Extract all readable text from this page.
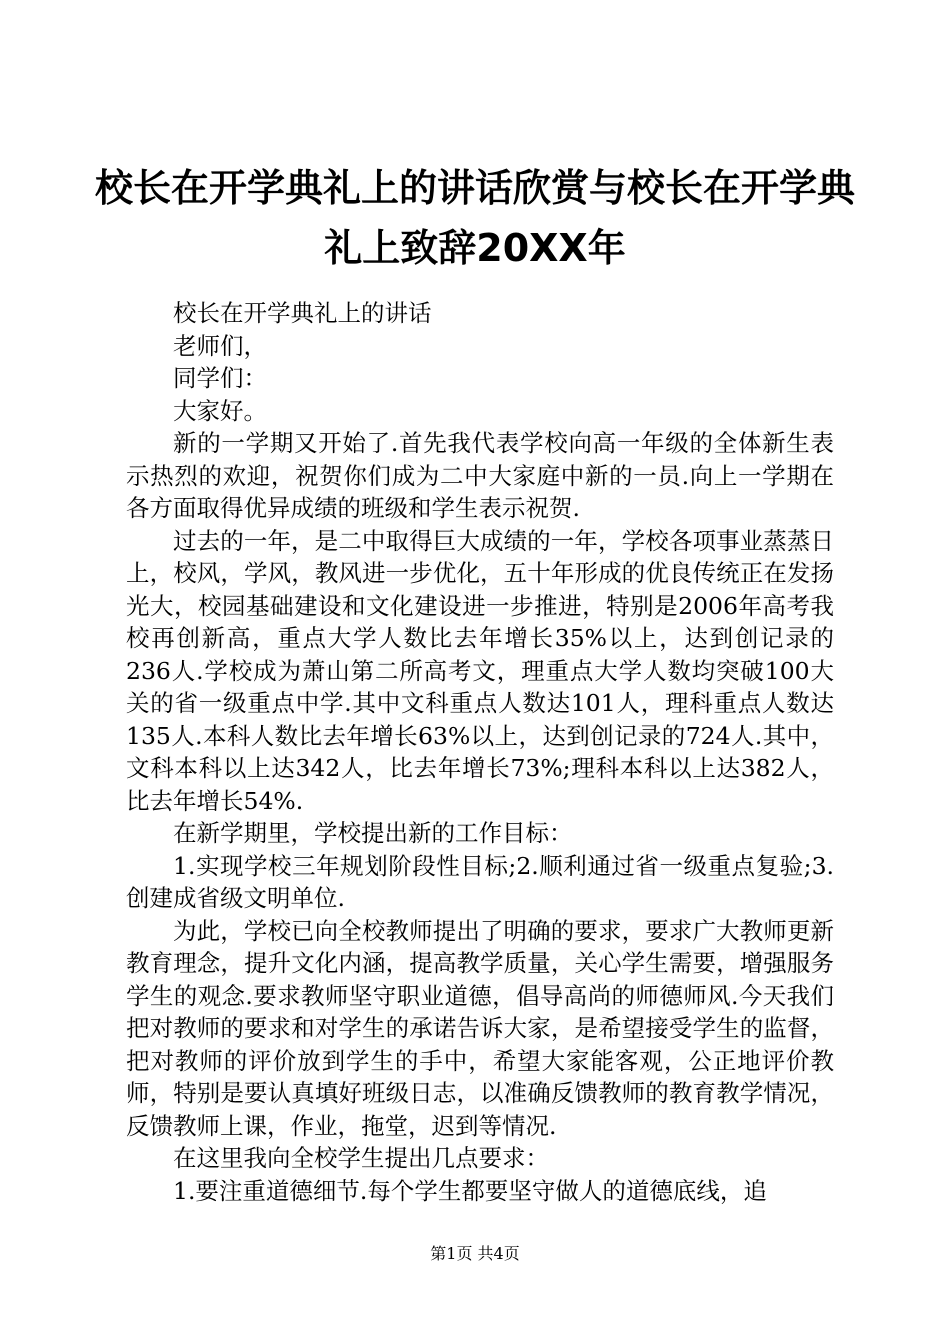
校长在开学典礼上的讲话欣赏与校长在开学典
礼上致辞20XX年

校长在开学典礼上的讲话

老师们，

同学们：

大家好。

新的一学期又开始了.首先我代表学校向高一年级的全体新生表示热烈的欢迎，祝贺你们成为二中大家庭中新的一员.向上一学期在各方面取得优异成绩的班级和学生表示祝贺.

过去的一年，是二中取得巨大成绩的一年，学校各项事业蒸蒸日上，校风，学风，教风进一步优化，五十年形成的优良传统正在发扬光大，校园基础建设和文化建设进一步推进，特别是2006年高考我校再创新高，重点大学人数比去年增长35%以上，达到创记录的236人.学校成为萧山第二所高考文，理重点大学人数均突破100大关的省一级重点中学.其中文科重点人数达101人，理科重点人数达135人.本科人数比去年增长63%以上，达到创记录的724人.其中，文科本科以上达342人，比去年增长73%;理科本科以上达382人，比去年增长54%.

在新学期里，学校提出新的工作目标：

1.实现学校三年规划阶段性目标;2.顺利通过省一级重点复验;3.创建成省级文明单位.

为此，学校已向全校教师提出了明确的要求，要求广大教师更新教育理念，提升文化内涵，提高教学质量，关心学生需要，增强服务学生的观念.要求教师坚守职业道德，倡导高尚的师德师风.今天我们把对教师的要求和对学生的承诺告诉大家，是希望接受学生的监督，把对教师的评价放到学生的手中，希望大家能客观，公正地评价教师，特别是要认真填好班级日志，以准确反馈教师的教育教学情况，反馈教师上课，作业，拖堂，迟到等情况.

在这里我向全校学生提出几点要求：

1.要注重道德细节.每个学生都要坚守做人的道德底线，追

第1页 共4页
